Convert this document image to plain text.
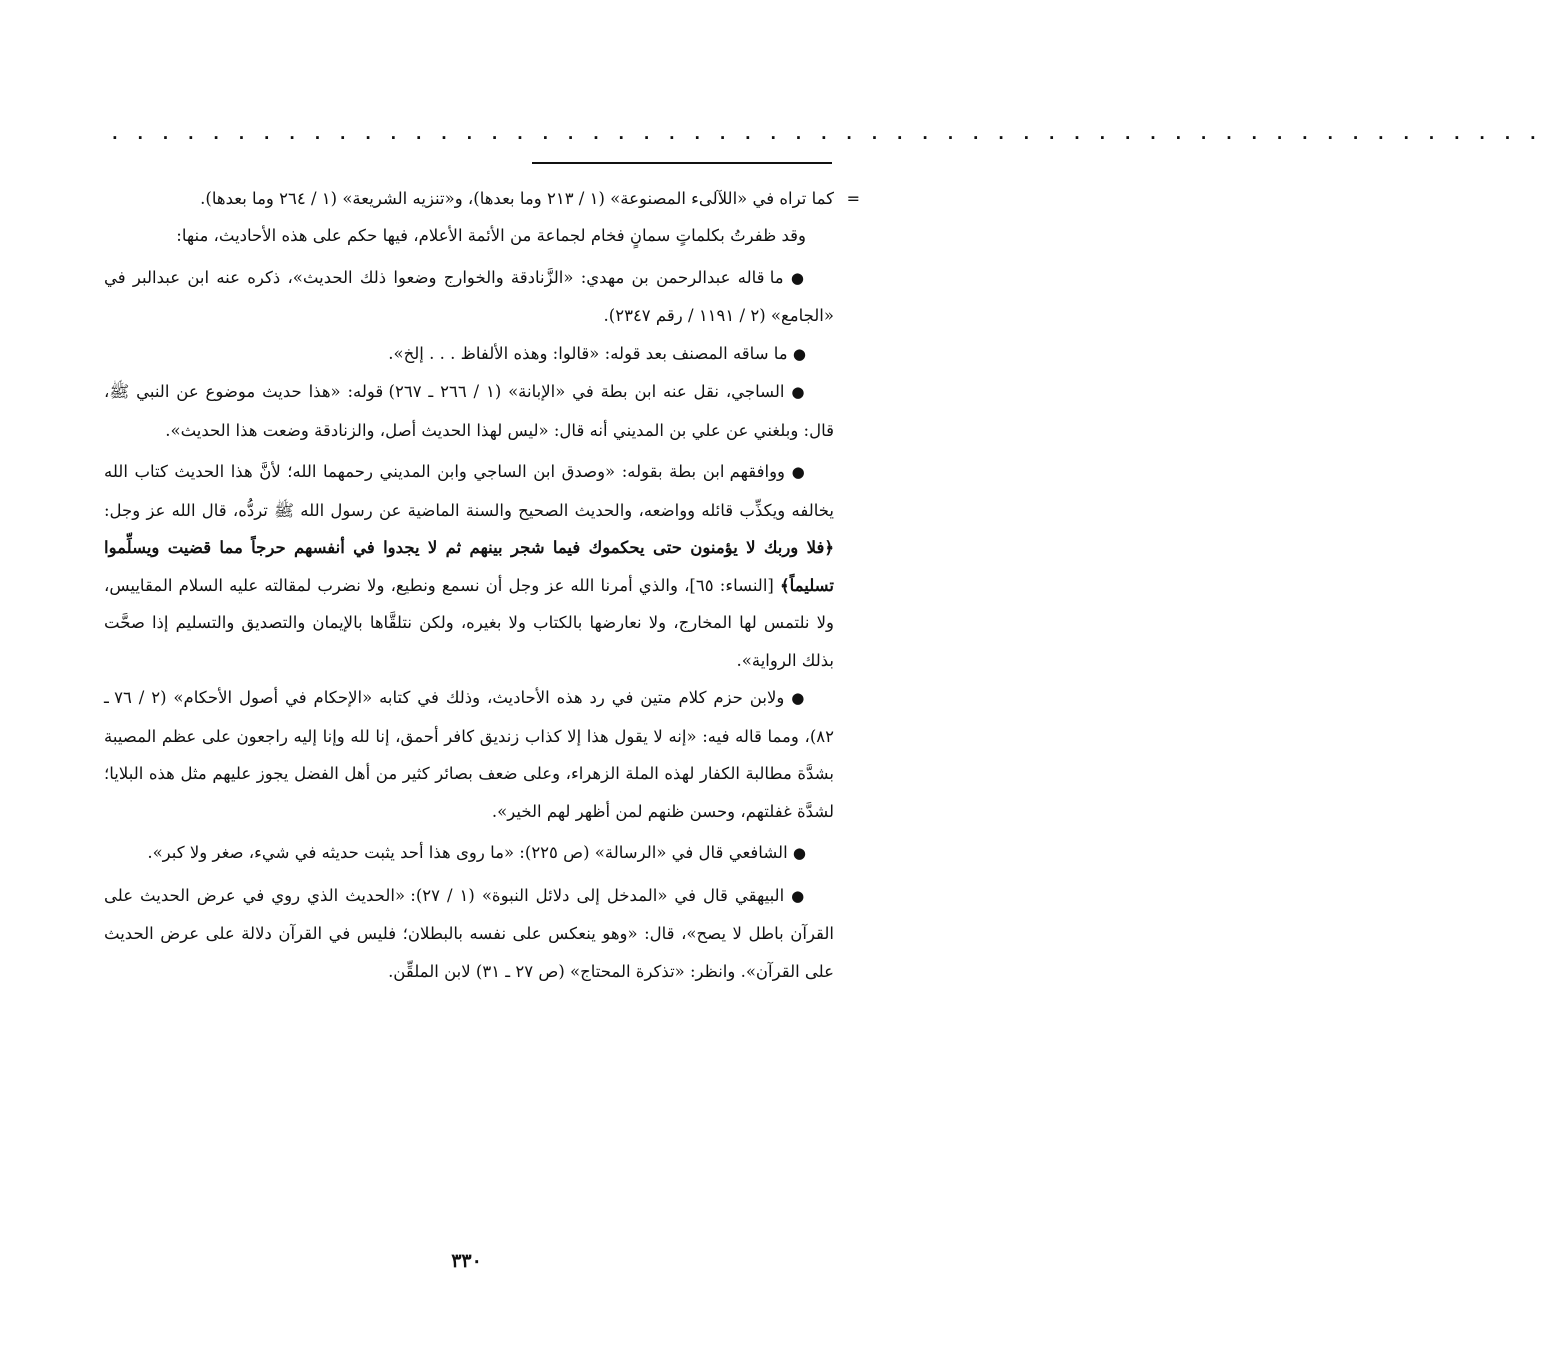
. . . . . . . . . . . . . . . . . . . . . . . . . . . . . . . . . . . . . . . . . . . . . . . . . . . . . . . . .

=
كما تراه في «اللآلىء المصنوعة» (١ / ٢١٣ وما بعدها)، و«تنزيه الشريعة» (١ / ٢٦٤ وما بعدها).

وقد ظفرتُ بكلماتٍ سمانٍ فخام لجماعة من الأئمة الأعلام، فيها حكم على هذه الأحاديث، منها:

● ما قاله عبدالرحمن بن مهدي: «الزَّنادقة والخوارج وضعوا ذلك الحديث»، ذكره عنه ابن عبدالبر في «الجامع» (٢ / ١١٩١ / رقم ٢٣٤٧).

● ما ساقه المصنف بعد قوله: «قالوا: وهذه الألفاظ . . . إلخ».

● الساجي، نقل عنه ابن بطة في «الإبانة» (١ / ٢٦٦ ـ ٢٦٧) قوله: «هذا حديث موضوع عن النبي ﷺ، قال: وبلغني عن علي بن المديني أنه قال: «ليس لهذا الحديث أصل، والزنادقة وضعت هذا الحديث».

● ووافقهم ابن بطة بقوله: «وصدق ابن الساجي وابن المديني رحمهما الله؛ لأنَّ هذا الحديث كتاب الله يخالفه ويكذِّب قائله وواضعه، والحديث الصحيح والسنة الماضية عن رسول الله ﷺ تردُّه، قال الله عز وجل: ﴿فلا وربك لا يؤمنون حتى يحكموك فيما شجر بينهم ثم لا يجدوا في أنفسهم حرجاً مما قضيت ويسلِّموا تسليماً﴾ [النساء: ٦٥]، والذي أمرنا الله عز وجل أن نسمع ونطيع، ولا نضرب لمقالته عليه السلام المقاييس، ولا نلتمس لها المخارج، ولا نعارضها بالكتاب ولا بغيره، ولكن نتلقَّاها بالإيمان والتصديق والتسليم إذا صحَّت بذلك الرواية».

● ولابن حزم كلام متين في رد هذه الأحاديث، وذلك في كتابه «الإحكام في أصول الأحكام» (٢ / ٧٦ ـ ٨٢)، ومما قاله فيه: «إنه لا يقول هذا إلا كذاب زنديق كافر أحمق، إنا لله وإنا إليه راجعون على عظم المصيبة بشدَّة مطالبة الكفار لهذه الملة الزهراء، وعلى ضعف بصائر كثير من أهل الفضل يجوز عليهم مثل هذه البلايا؛ لشدَّة غفلتهم، وحسن ظنهم لمن أظهر لهم الخير».

● الشافعي قال في «الرسالة» (ص ٢٢٥): «ما روى هذا أحد يثبت حديثه في شيء، صغر ولا كبر».

● البيهقي قال في «المدخل إلى دلائل النبوة» (١ / ٢٧): «الحديث الذي روي في عرض الحديث على القرآن باطل لا يصح»، قال: «وهو ينعكس على نفسه بالبطلان؛ فليس في القرآن دلالة على عرض الحديث على القرآن». وانظر: «تذكرة المحتاج» (ص ٢٧ ـ ٣١) لابن الملقِّن.

٣٣٠
